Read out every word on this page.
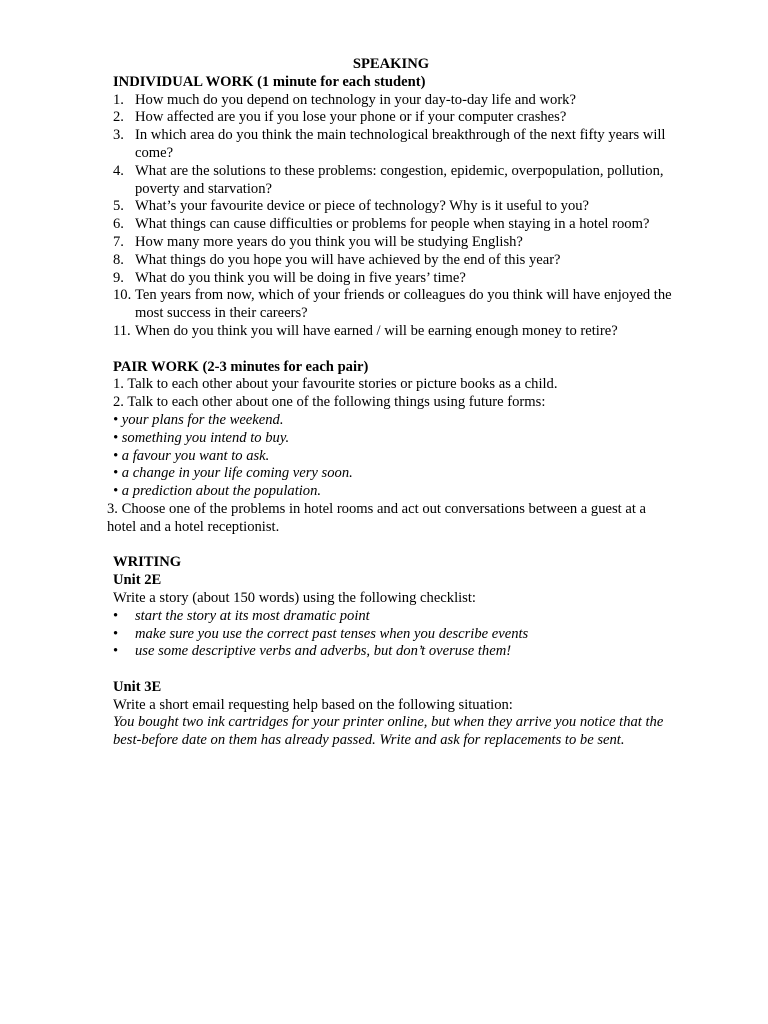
SPEAKING
INDIVIDUAL WORK (1 minute for each student)
1. How much do you depend on technology in your day-to-day life and work?
2. How affected are you if you lose your phone or if your computer crashes?
3. In which area do you think the main technological breakthrough of the next fifty years will come?
4. What are the solutions to these problems: congestion, epidemic, overpopulation, pollution, poverty and starvation?
5. What’s your favourite device or piece of technology? Why is it useful to you?
6. What things can cause difficulties or problems for people when staying in a hotel room?
7. How many more years do you think you will be studying English?
8. What things do you hope you will have achieved by the end of this year?
9. What do you think you will be doing in five years’ time?
10. Ten years from now, which of your friends or colleagues do you think will have enjoyed the most success in their careers?
11. When do you think you will have earned / will be earning enough money to retire?
PAIR WORK (2-3 minutes for each pair)
1. Talk to each other about your favourite stories or picture books as a child.
2. Talk to each other about one of the following things using future forms:
• your plans for the weekend.
• something you intend to buy.
• a favour you want to ask.
• a change in your life coming very soon.
• a prediction about the population.
3. Choose one of the problems in hotel rooms and act out conversations between a guest at a hotel and a hotel receptionist.
WRITING
Unit 2E
Write a story (about 150 words) using the following checklist:
•	start the story at its most dramatic point
•	make sure you use the correct past tenses when you describe events
•	use some descriptive verbs and adverbs, but don’t overuse them!
Unit 3E
Write a short email requesting help based on the following situation:
You bought two ink cartridges for your printer online, but when they arrive you notice that the best-before date on them has already passed. Write and ask for replacements to be sent.
